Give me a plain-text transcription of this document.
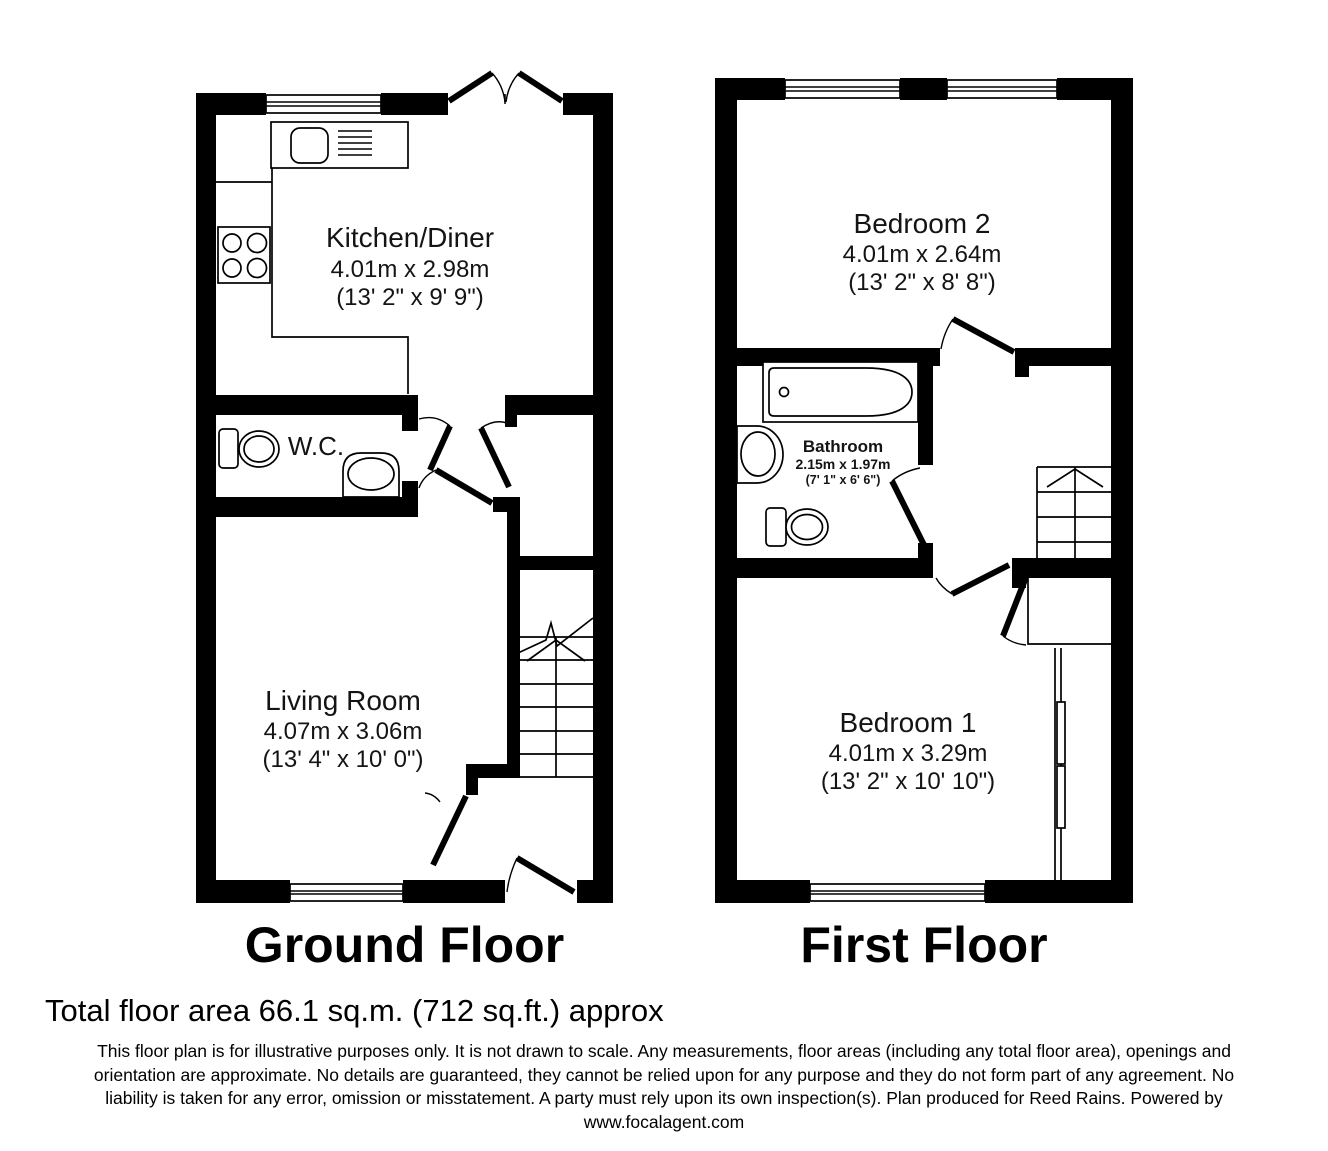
Kitchen/Diner
4.01m x 2.98m
(13' 2" x 9' 9")
W.C.
Living Room
4.07m x 3.06m
(13' 4" x 10' 0")
Bedroom 2
4.01m x 2.64m
(13' 2" x 8' 8")
Bathroom
2.15m x 1.97m
(7' 1" x 6' 6")
Bedroom 1
4.01m x 3.29m
(13' 2" x 10' 10")
Ground Floor	First Floor
Total floor area 66.1 sq.m. (712 sq.ft.) approx
This floor plan is for illustrative purposes only. It is not drawn to scale. Any measurements, floor areas (including any total floor area), openings and
orientation are approximate. No details are guaranteed, they cannot be relied upon for any purpose and they do not form part of any agreement. No
liability is taken for any error, omission or misstatement. A party must rely upon its own inspection(s). Plan produced for Reed Rains. Powered by
www.focalagent.com
